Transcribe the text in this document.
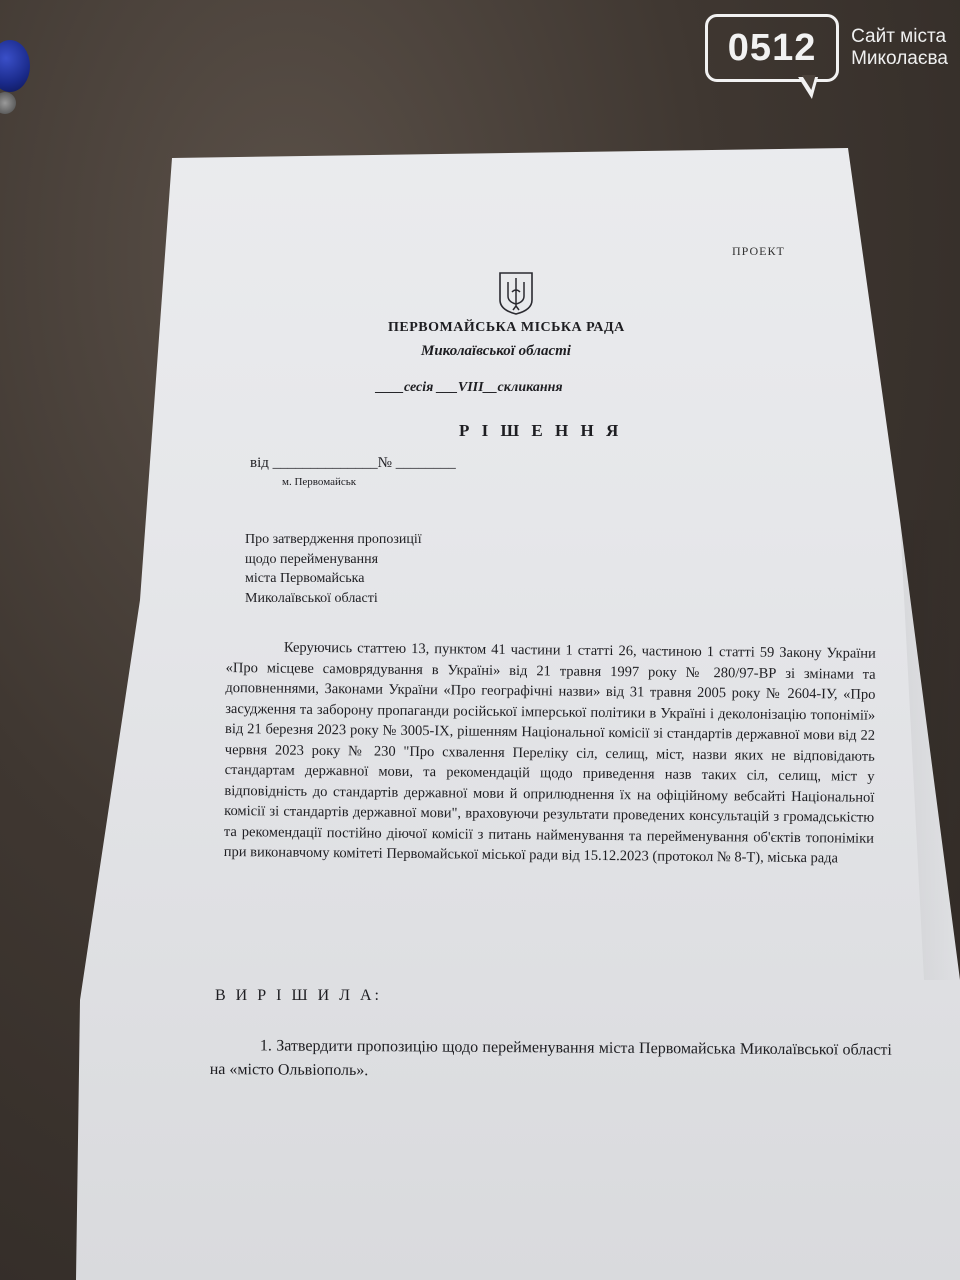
0512 Сайт міста
Миколаєва
ПРОЕКТ
ПЕРВОМАЙСЬКА МІСЬКА РАДА
Миколаївської області
____сесія ___VIII__скликання
Р І Ш Е Н Н Я
від ______________№ ________
м. Первомайськ
Про затвердження пропозиції
щодо перейменування
міста Первомайська
Миколаївської області
Керуючись статтею 13, пунктом 41 частини 1 статті 26, частиною 1 статті 59 Закону України «Про місцеве самоврядування в Україні» від 21 травня 1997 року № 280/97-ВР зі змінами та доповненнями, Законами України «Про географічні назви» від 31 травня 2005 року № 2604-ІУ, «Про засудження та заборону пропаганди російської імперської політики в Україні і деколонізацію топонімії» від 21 березня 2023 року № 3005-ІХ, рішенням Національної комісії зі стандартів державної мови від 22 червня 2023 року № 230 "Про схвалення Переліку сіл, селищ, міст, назви яких не відповідають стандартам державної мови, та рекомендацій щодо приведення назв таких сіл, селищ, міст у відповідність до стандартів державної мови й оприлюднення їх на офіційному вебсайті Національної комісії зі стандартів державної мови", враховуючи результати проведених консультацій з громадськістю та рекомендації постійно діючої комісії з питань найменування та перейменування об'єктів топоніміки при виконавчому комітеті Первомайської міської ради від 15.12.2023 (протокол № 8-Т), міська рада
В И Р І Ш И Л А:
1. Затвердити пропозицію щодо перейменування міста Первомайська Миколаївської області на «місто Ольвіополь».
